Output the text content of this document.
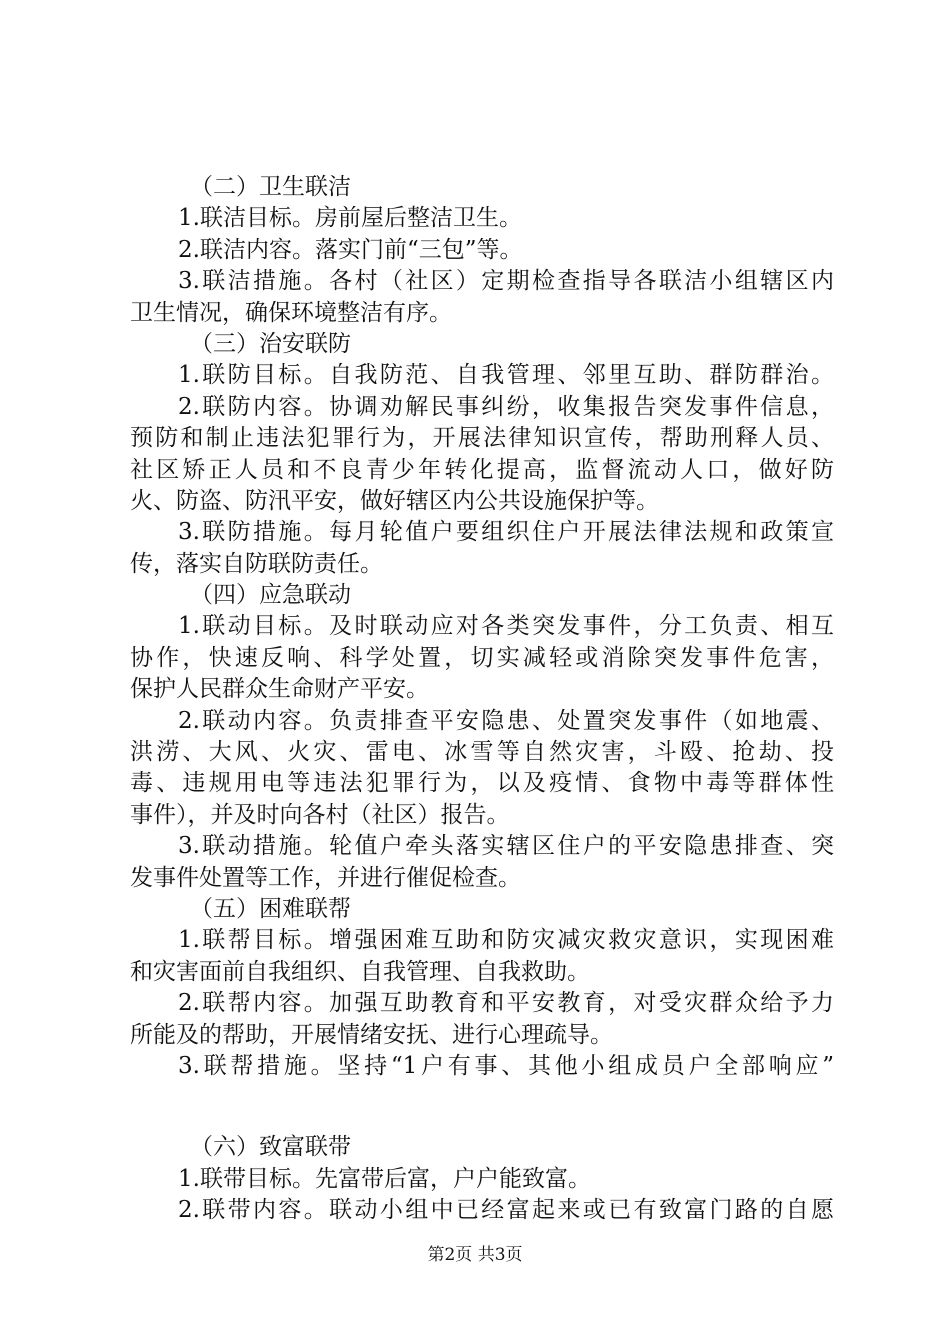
（二）卫生联洁
1.联洁目标。房前屋后整洁卫生。
2.联洁内容。落实门前“三包”等。
3.联洁措施。各村（社区）定期检查指导各联洁小组辖区内
卫生情况，确保环境整洁有序。
（三）治安联防
1.联防目标。自我防范、自我管理、邻里互助、群防群治。
2.联防内容。协调劝解民事纠纷，收集报告突发事件信息，
预防和制止违法犯罪行为，开展法律知识宣传，帮助刑释人员、
社区矫正人员和不良青少年转化提高，监督流动人口，做好防
火、防盗、防汛平安，做好辖区内公共设施保护等。
3.联防措施。每月轮值户要组织住户开展法律法规和政策宣
传，落实自防联防责任。
（四）应急联动
1.联动目标。及时联动应对各类突发事件，分工负责、相互
协作，快速反响、科学处置，切实减轻或消除突发事件危害，
保护人民群众生命财产平安。
2.联动内容。负责排查平安隐患、处置突发事件（如地震、
洪涝、大风、火灾、雷电、冰雪等自然灾害，斗殴、抢劫、投
毒、违规用电等违法犯罪行为，以及疫情、食物中毒等群体性
事件），并及时向各村（社区）报告。
3.联动措施。轮值户牵头落实辖区住户的平安隐患排查、突
发事件处置等工作，并进行催促检查。
（五）困难联帮
1.联帮目标。增强困难互助和防灾减灾救灾意识，实现困难
和灾害面前自我组织、自我管理、自我救助。
2.联帮内容。加强互助教育和平安教育，对受灾群众给予力
所能及的帮助，开展情绪安抚、进行心理疏导。
3.联帮措施。坚持“1户有事、其他小组成员户全部响应”
（六）致富联带
1.联带目标。先富带后富，户户能致富。
2.联带内容。联动小组中已经富起来或已有致富门路的自愿
第2页 共3页
